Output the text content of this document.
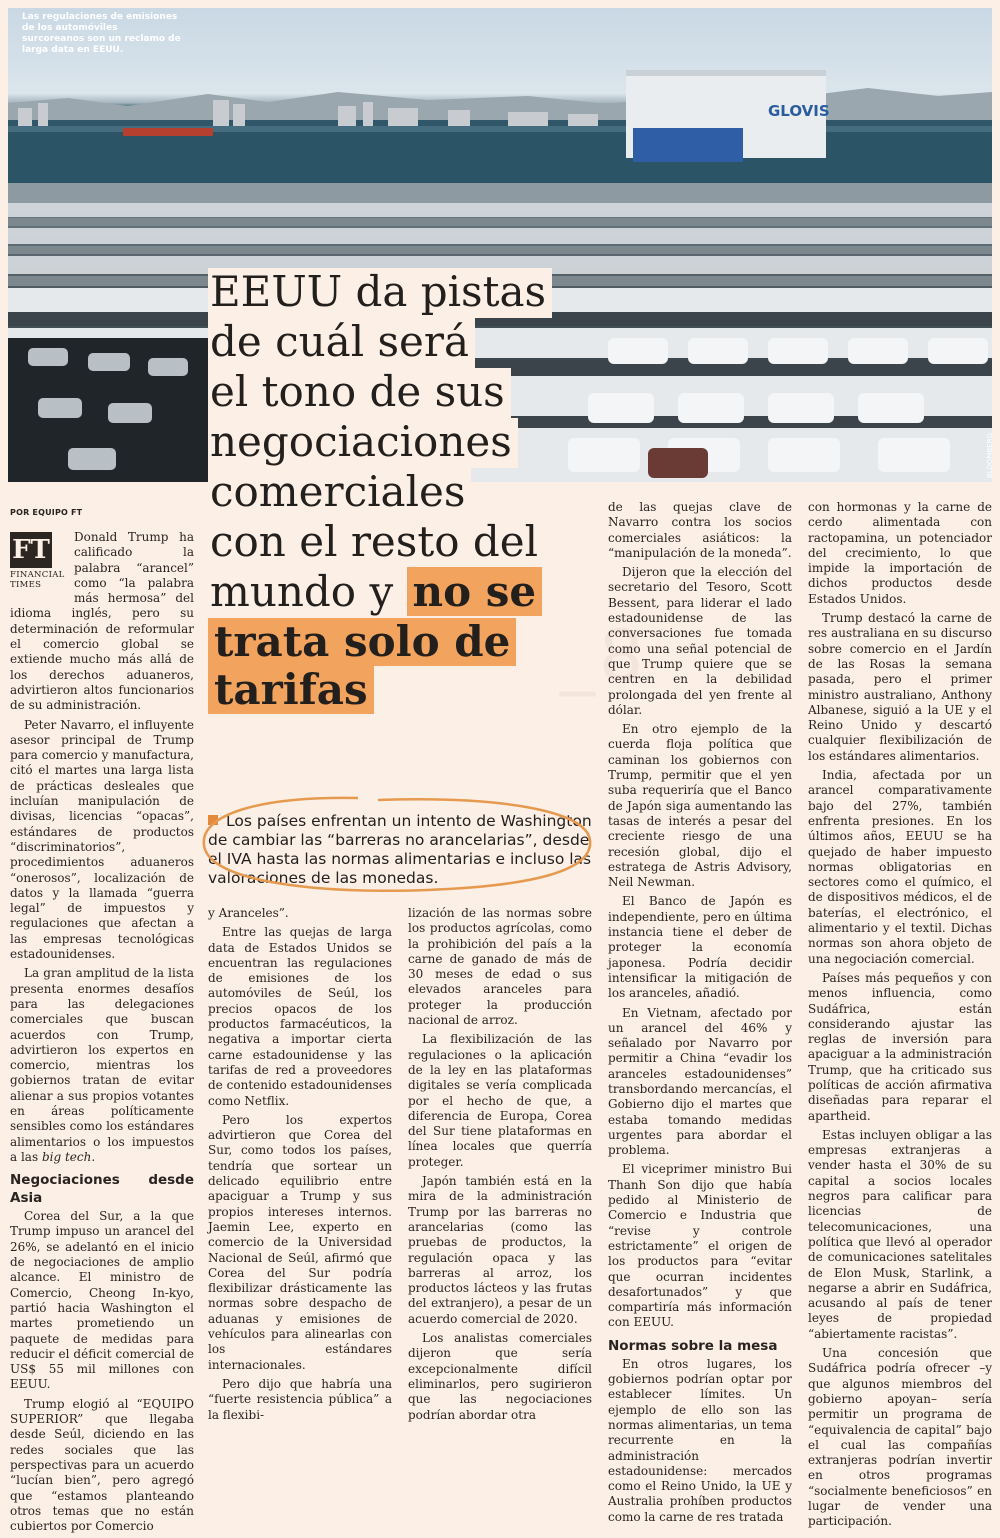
GLOVIS
Las regulaciones de emisiones de los automóviles surcoreanos son un reclamo de larga data en EEUU.
BLOOMBERG
_8
EEUU da pistas
de cuál será
el tono de sus
negociaciones
comerciales
con el resto del
mundo y no se
trata solo de
tarifas
Los países enfrentan un intento de Washington de cambiar las “barreras no arancelarias”, desde el IVA hasta las normas alimentarias e incluso las valoraciones de las monedas.
POR EQUIPO FT
FT
FINANCIAL
TIMES

Donald Trump ha calificado la palabra “arancel” como “la palabra más hermosa” del idioma inglés, pero su determinación de reformular el comercio global se extiende mucho más allá de los derechos aduaneros, advirtieron altos funcionarios de su administración.

Peter Navarro, el influyente asesor principal de Trump para comercio y manufactura, citó el martes una larga lista de prácticas desleales que incluían manipulación de divisas, licencias “opacas”, estándares de productos “discriminatorios”, procedimientos aduaneros “onerosos”, localización de datos y la llamada “guerra legal” de impuestos y regulaciones que afectan a las empresas tecnológicas estadounidenses.

La gran amplitud de la lista presenta enormes desafíos para las delegaciones comerciales que buscan acuerdos con Trump, advirtieron los expertos en comercio, mientras los gobiernos tratan de evitar alienar a sus propios votantes en áreas políticamente sensibles como los estándares alimentarios o los impuestos a las big tech.

Negociaciones desde Asia

Corea del Sur, a la que Trump impuso un arancel del 26%, se adelantó en el inicio de negociaciones de amplio alcance. El ministro de Comercio, Cheong In-kyo, partió hacia Washington el martes prometiendo un paquete de medidas para reducir el déficit comercial de US$ 55 mil millones con EEUU.

Trump elogió al “EQUIPO SUPERIOR” que llegaba desde Seúl, diciendo en las redes sociales que las perspectivas para un acuerdo “lucían bien”, pero agregó que “estamos planteando otros temas que no están cubiertos por Comercio

y Aranceles”.

Entre las quejas de larga data de Estados Unidos se encuentran las regulaciones de emisiones de los automóviles de Seúl, los precios opacos de los productos farmacéuticos, la negativa a importar cierta carne estadounidense y las tarifas de red a proveedores de contenido estadounidenses como Netflix.

Pero los expertos advirtieron que Corea del Sur, como todos los países, tendría que sortear un delicado equilibrio entre apaciguar a Trump y sus propios intereses internos. Jaemin Lee, experto en comercio de la Universidad Nacional de Seúl, afirmó que Corea del Sur podría flexibilizar drásticamente las normas sobre despacho de aduanas y emisiones de vehículos para alinearlas con los estándares internacionales.

Pero dijo que habría una “fuerte resistencia pública” a la flexibi-

lización de las normas sobre los productos agrícolas, como la prohibición del país a la carne de ganado de más de 30 meses de edad o sus elevados aranceles para proteger la producción nacional de arroz.

La flexibilización de las regulaciones o la aplicación de la ley en las plataformas digitales se vería complicada por el hecho de que, a diferencia de Europa, Corea del Sur tiene plataformas en línea locales que querría proteger.

Japón también está en la mira de la administración Trump por las barreras no arancelarias (como las pruebas de productos, la regulación opaca y las barreras al arroz, los productos lácteos y las frutas del extranjero), a pesar de un acuerdo comercial de 2020.

Los analistas comerciales dijeron que sería excepcionalmente difícil eliminarlos, pero sugirieron que las negociaciones podrían abordar otra

de las quejas clave de Navarro contra los socios comerciales asiáticos: la “manipulación de la moneda”.

Dijeron que la elección del secretario del Tesoro, Scott Bessent, para liderar el lado estadounidense de las conversaciones fue tomada como una señal potencial de que Trump quiere que se centren en la debilidad prolongada del yen frente al dólar.

En otro ejemplo de la cuerda floja política que caminan los gobiernos con Trump, permitir que el yen suba requeriría que el Banco de Japón siga aumentando las tasas de interés a pesar del creciente riesgo de una recesión global, dijo el estratega de Astris Advisory, Neil Newman.

El Banco de Japón es independiente, pero en última instancia tiene el deber de proteger la economía japonesa. Podría decidir intensificar la mitigación de los aranceles, añadió.

En Vietnam, afectado por un arancel del 46% y señalado por Navarro por permitir a China “evadir los aranceles estadounidenses” transbordando mercancías, el Gobierno dijo el martes que estaba tomando medidas urgentes para abordar el problema.

El viceprimer ministro Bui Thanh Son dijo que había pedido al Ministerio de Comercio e Industria que “revise y controle estrictamente” el origen de los productos para “evitar que ocurran incidentes desafortunados” y que compartiría más información con EEUU.

Normas sobre la mesa

En otros lugares, los gobiernos podrían optar por establecer límites. Un ejemplo de ello son las normas alimentarias, un tema recurrente en la administración estadounidense: mercados como el Reino Unido, la UE y Australia prohíben productos como la carne de res tratada

con hormonas y la carne de cerdo alimentada con ractopamina, un potenciador del crecimiento, lo que impide la importación de dichos productos desde Estados Unidos.

Trump destacó la carne de res australiana en su discurso sobre comercio en el Jardín de las Rosas la semana pasada, pero el primer ministro australiano, Anthony Albanese, siguió a la UE y el Reino Unido y descartó cualquier flexibilización de los estándares alimentarios.

India, afectada por un arancel comparativamente bajo del 27%, también enfrenta presiones. En los últimos años, EEUU se ha quejado de haber impuesto normas obligatorias en sectores como el químico, el de dispositivos médicos, el de baterías, el electrónico, el alimentario y el textil. Dichas normas son ahora objeto de una negociación comercial.

Países más pequeños y con menos influencia, como Sudáfrica, están considerando ajustar las reglas de inversión para apaciguar a la administración Trump, que ha criticado sus políticas de acción afirmativa diseñadas para reparar el apartheid.

Estas incluyen obligar a las empresas extranjeras a vender hasta el 30% de su capital a socios locales negros para calificar para licencias de telecomunicaciones, una política que llevó al operador de comunicaciones satelitales de Elon Musk, Starlink, a negarse a abrir en Sudáfrica, acusando al país de tener leyes de propiedad “abiertamente racistas”.

Una concesión que Sudáfrica podría ofrecer –y que algunos miembros del gobierno apoyan– sería permitir un programa de “equivalencia de capital” bajo el cual las compañías extranjeras podrían invertir en otros programas “socialmente beneficiosos” en lugar de vender una participación.
